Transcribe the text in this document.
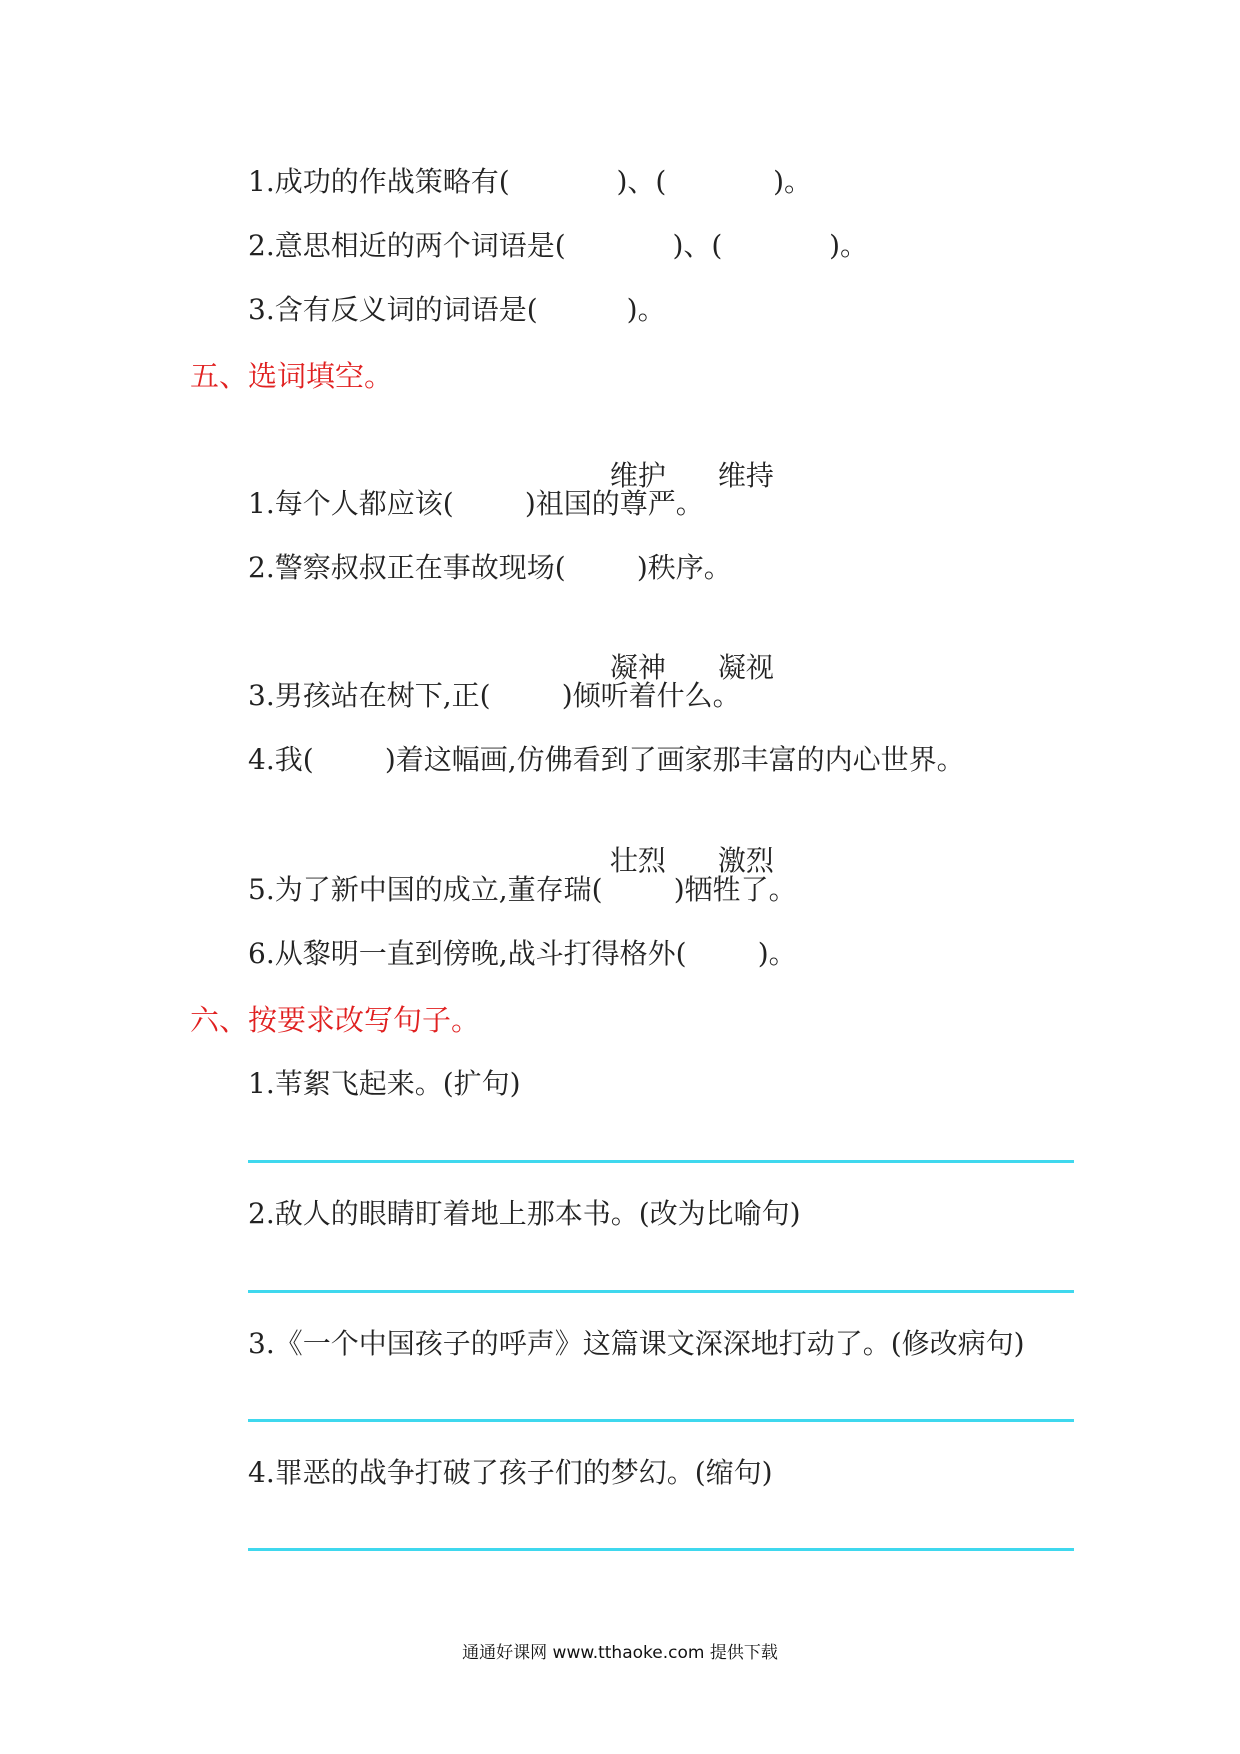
1.成功的作战策略有(            )、(            )。
2.意思相近的两个词语是(            )、(            )。
3.含有反义词的词语是(          )。
五、选词填空。

维护 维持

1.每个人都应该(        )祖国的尊严。
2.警察叔叔正在事故现场(        )秩序。

凝神 凝视

3.男孩站在树下,正(        )倾听着什么。
4.我(        )着这幅画,仿佛看到了画家那丰富的内心世界。

壮烈 激烈

5.为了新中国的成立,董存瑞(        )牺牲了。
6.从黎明一直到傍晚,战斗打得格外(        )。
六、按要求改写句子。
1.苇絮飞起来。(扩句)
2.敌人的眼睛盯着地上那本书。(改为比喻句)
3.《一个中国孩子的呼声》这篇课文深深地打动了。(修改病句)
4.罪恶的战争打破了孩子们的梦幻。(缩句)
通通好课网 www.tthaoke.com 提供下载
